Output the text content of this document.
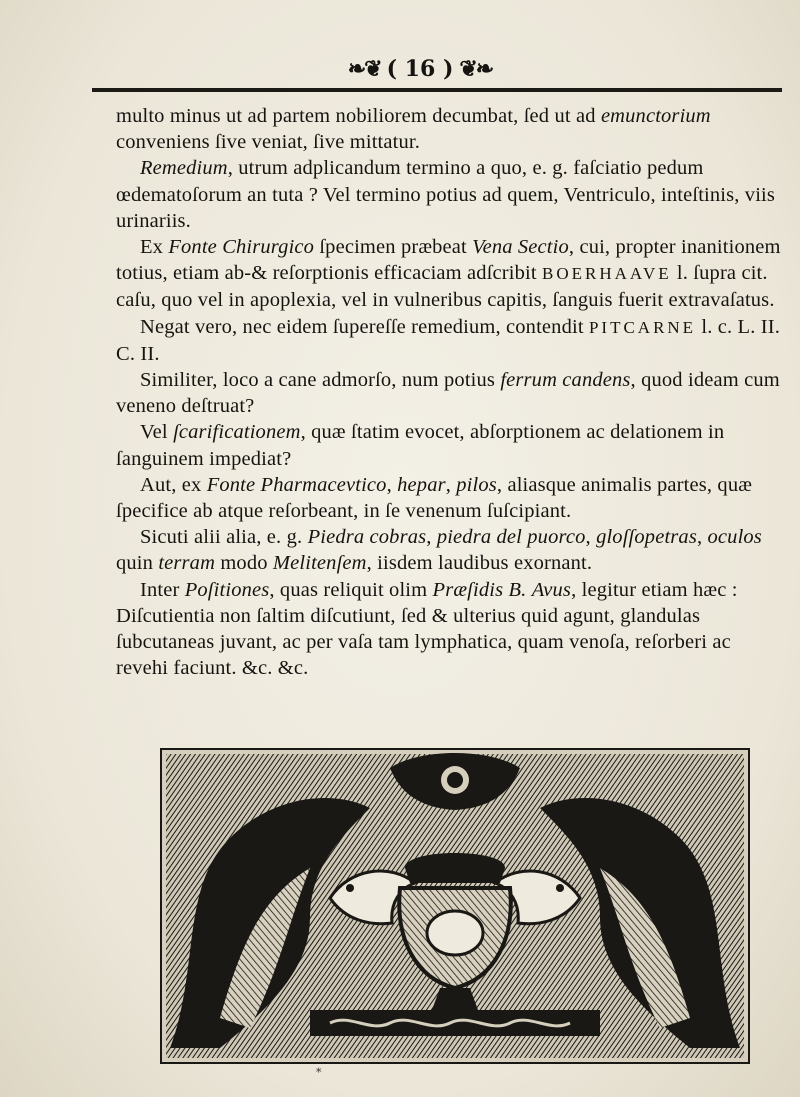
❧❦ ( 16 ) ❦❧

multo minus ut ad partem nobiliorem decumbat, ſed ut ad emunctorium conveniens ſive veniat, ſive mittatur.

Remedium, utrum adplicandum termino a quo, e. g. faſciatio pedum œdematoſorum an tuta ? Vel termino potius ad quem, Ventriculo, inteſtinis, viis urinariis.

Ex Fonte Chirurgico ſpecimen præbeat Vena Sectio, cui, propter inanitionem totius, etiam ab-& reſorptionis efficaciam adſcribit BOERHAAVE l. ſupra cit. caſu, quo vel in apoplexia, vel in vulneribus capitis, ſanguis fuerit extravaſatus.

Negat vero, nec eidem ſupereſſe remedium, contendit PITCARNE l. c. L. II. C. II.

Similiter, loco a cane admorſo, num potius ferrum candens, quod ideam cum veneno deſtruat?

Vel ſcarificationem, quæ ſtatim evocet, abſorptionem ac delationem in ſanguinem impediat?

Aut, ex Fonte Pharmacevtico, hepar, pilos, aliasque animalis partes, quæ ſpecifice ab atque reſorbeant, in ſe venenum ſuſcipiant.

Sicuti alii alia, e. g. Piedra cobras, piedra del puorco, gloſſopetras, oculos quin terram modo Melitenſem, iisdem laudibus exornant.

Inter Poſitiones, quas reliquit olim Præſidis B. Avus, legitur etiam hæc : Diſcutientia non ſaltim diſcutiunt, ſed & ulterius quid agunt, glandulas ſubcutaneas juvant, ac per vaſa tam lymphatica, quam venoſa, reſorberi ac revehi faciunt. &c. &c.

*
